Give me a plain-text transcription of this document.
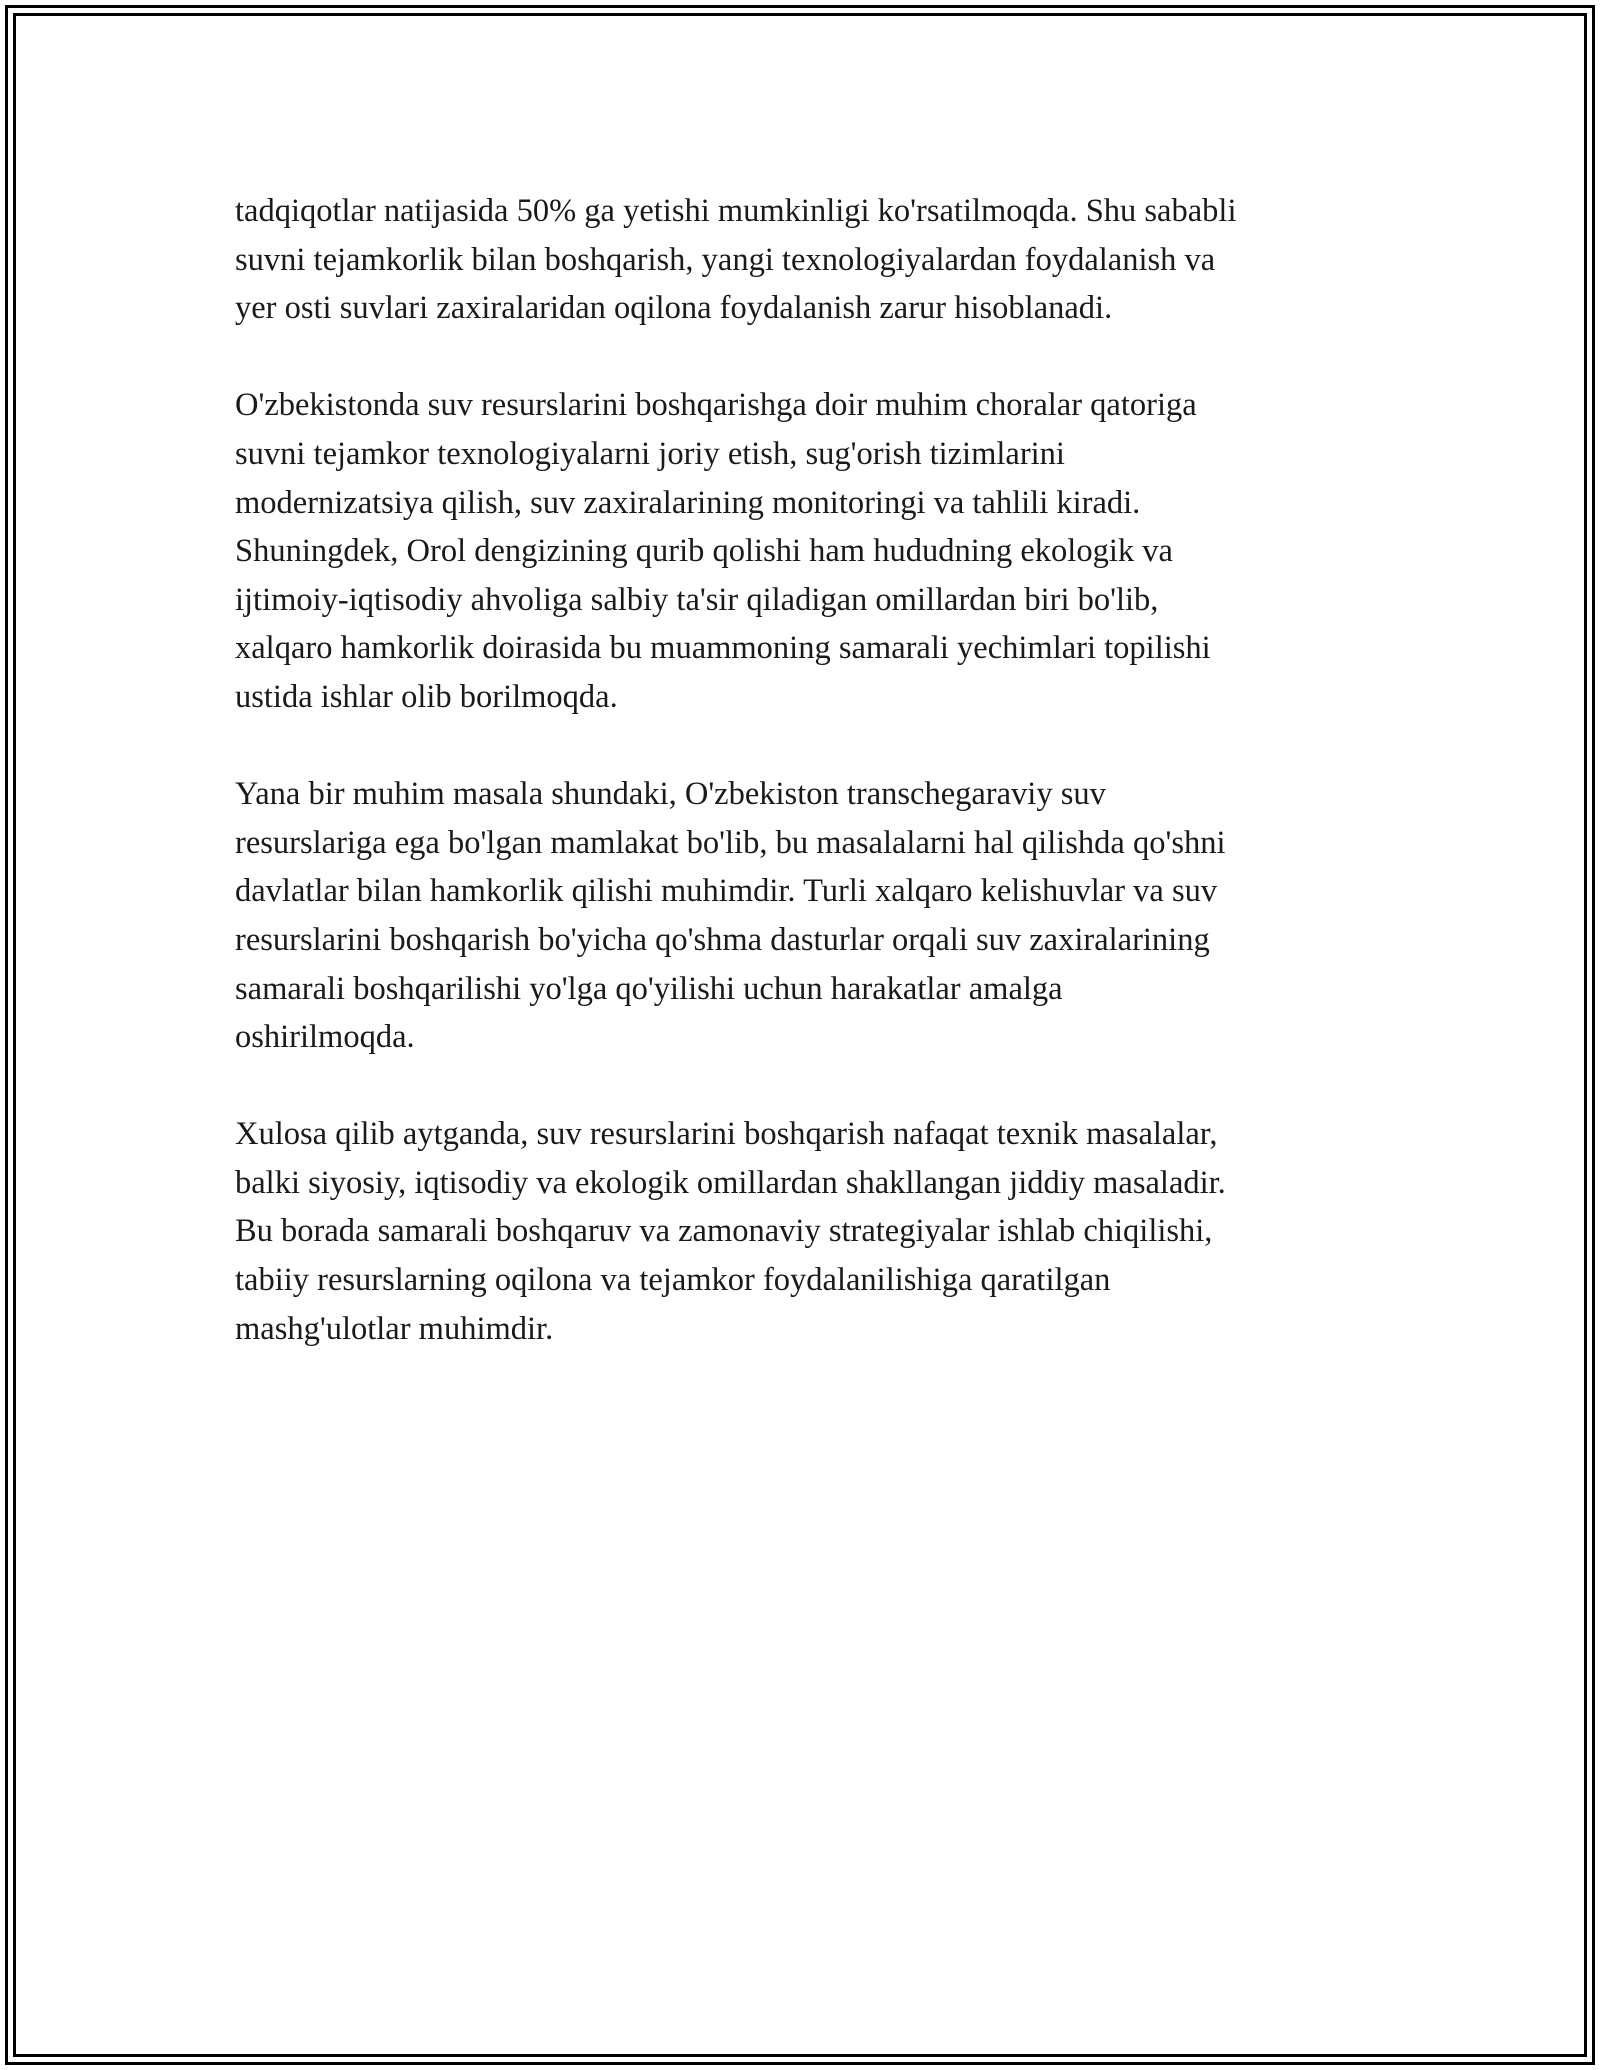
tadqiqotlar natijasida 50% ga yetishi mumkinligi ko'rsatilmoqda. Shu sababli
suvni tejamkorlik bilan boshqarish, yangi texnologiyalardan foydalanish va
yer osti suvlari zaxiralaridan oqilona foydalanish zarur hisoblanadi.

O'zbekistonda suv resurslarini boshqarishga doir muhim choralar qatoriga
suvni tejamkor texnologiyalarni joriy etish, sug'orish tizimlarini
modernizatsiya qilish, suv zaxiralarining monitoringi va tahlili kiradi.
Shuningdek, Orol dengizining qurib qolishi ham hududning ekologik va
ijtimoiy-iqtisodiy ahvoliga salbiy ta'sir qiladigan omillardan biri bo'lib,
xalqaro hamkorlik doirasida bu muammoning samarali yechimlari topilishi
ustida ishlar olib borilmoqda.

Yana bir muhim masala shundaki, O'zbekiston transchegaraviy suv
resurslariga ega bo'lgan mamlakat bo'lib, bu masalalarni hal qilishda qo'shni
davlatlar bilan hamkorlik qilishi muhimdir. Turli xalqaro kelishuvlar va suv
resurslarini boshqarish bo'yicha qo'shma dasturlar orqali suv zaxiralarining
samarali boshqarilishi yo'lga qo'yilishi uchun harakatlar amalga
oshirilmoqda.

Xulosa qilib aytganda, suv resurslarini boshqarish nafaqat texnik masalalar,
balki siyosiy, iqtisodiy va ekologik omillardan shakllangan jiddiy masaladir.
Bu borada samarali boshqaruv va zamonaviy strategiyalar ishlab chiqilishi,
tabiiy resurslarning oqilona va tejamkor foydalanilishiga qaratilgan
mashg'ulotlar muhimdir.
